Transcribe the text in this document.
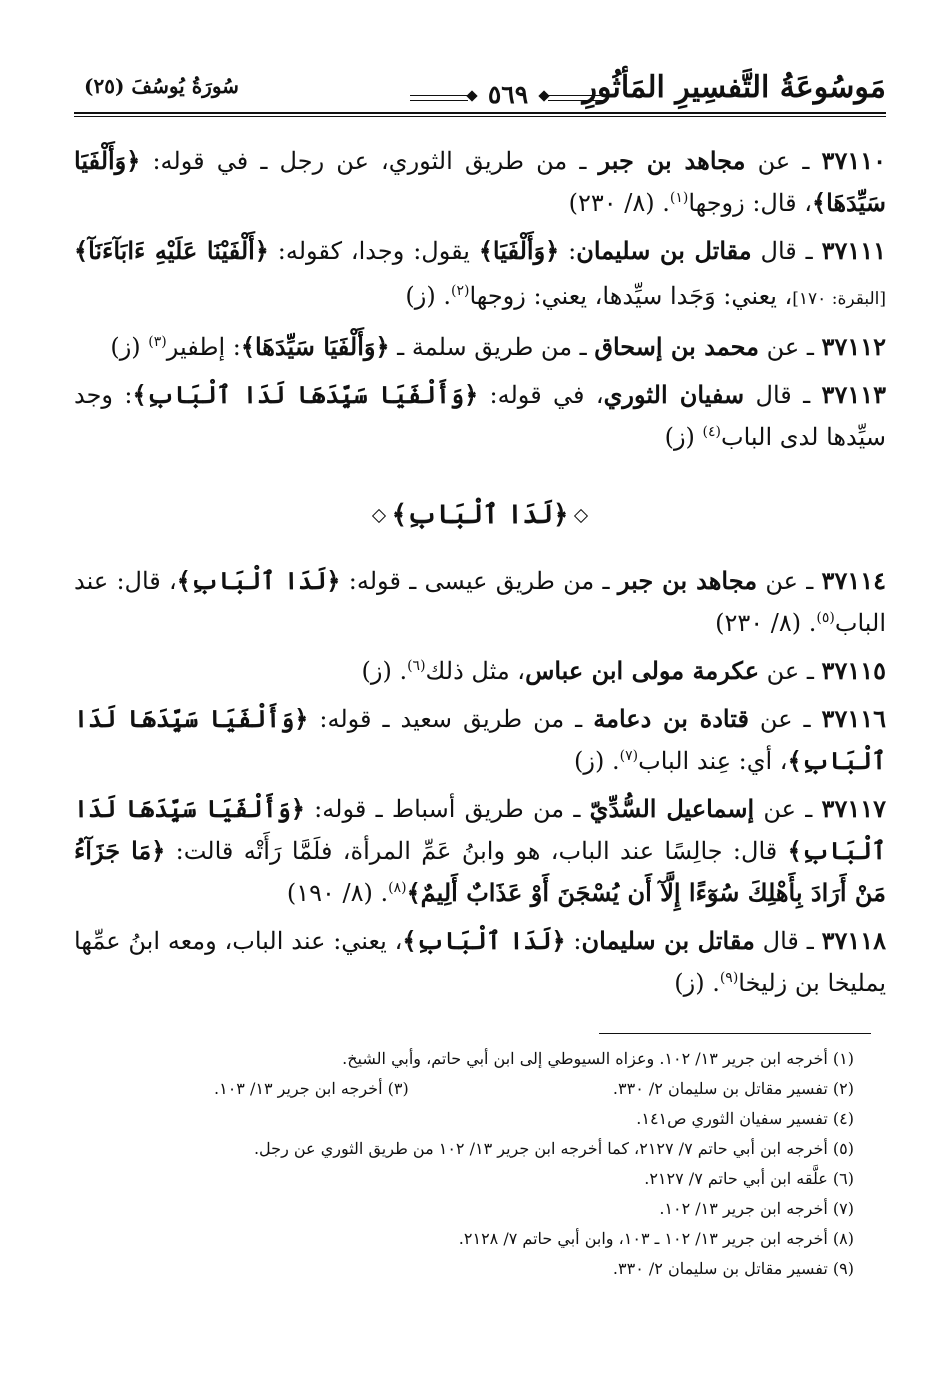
مَوسُوعَةُ التَّفسِيرِ المَأثُورِ
٥٦٩
سُورَةُ يُوسُفَ (٢٥)

٣٧١١٠ ـ عن مجاهد بن جبر ـ من طريق الثوري، عن رجل ـ في قوله: ﴿وَأَلْفَيَا سَيِّدَهَا﴾، قال: زوجها$^{(١)}$. (٨/ ٢٣٠)

٣٧١١١ ـ قال مقاتل بن سليمان: ﴿وَأَلْفَيَا﴾ يقول: وجدا، كقوله: ﴿أَلْفَيْنَا عَلَيْهِ ءَابَآءَنَآ﴾ [البقرة: ١٧٠]، يعني: وَجَدا سيِّدها، يعني: زوجها$^{(٢)}$. (ز)

٣٧١١٢ ـ عن محمد بن إسحاق ـ من طريق سلمة ـ ﴿وَأَلْفَيَا سَيِّدَهَا﴾: إطفير$^{(٣)}$ (ز)

٣٧١١٣ ـ قال سفيان الثوري، في قوله: ﴿وَأَلْفَيَا سَيِّدَهَا لَدَا ٱلْبَابِ﴾: وجد سيِّدها لدى الباب$^{(٤)}$ (ز)

﴿لَدَا ٱلْبَابِ﴾

٣٧١١٤ ـ عن مجاهد بن جبر ـ من طريق عيسى ـ قوله: ﴿لَدَا ٱلْبَابِ﴾، قال: عند الباب$^{(٥)}$. (٨/ ٢٣٠)

٣٧١١٥ ـ عن عكرمة مولى ابن عباس، مثل ذلك$^{(٦)}$. (ز)

٣٧١١٦ ـ عن قتادة بن دعامة ـ من طريق سعيد ـ قوله: ﴿وَأَلْفَيَا سَيِّدَهَا لَدَا ٱلْبَابِ﴾، أي: عِند الباب$^{(٧)}$. (ز)

٣٧١١٧ ـ عن إسماعيل السُّدِّيّ ـ من طريق أسباط ـ قوله: ﴿وَأَلْفَيَا سَيِّدَهَا لَدَا ٱلْبَابِ﴾ قال: جالِسًا عند الباب، هو وابنُ عَمِّ المرأة، فلَمَّا رَأَتْه قالت: ﴿مَا جَزَآءُ مَنْ أَرَادَ بِأَهْلِكَ سُوٓءًا إِلَّآ أَن يُسْجَنَ أَوْ عَذَابٌ أَلِيمٌ﴾$^{(٨)}$. (٨/ ١٩٠)

٣٧١١٨ ـ قال مقاتل بن سليمان: ﴿لَدَا ٱلْبَابِ﴾، يعني: عند الباب، ومعه ابنُ عمِّها يمليخا بن زليخا$^{(٩)}$. (ز)

(١) أخرجه ابن جرير ١٣/ ١٠٢. وعزاه السيوطي إلى ابن أبي حاتم، وأبي الشيخ.
(٢) تفسير مقاتل بن سليمان ٢/ ٣٣٠.
(٣) أخرجه ابن جرير ١٣/ ١٠٣.
(٤) تفسير سفيان الثوري ص١٤١.
(٥) أخرجه ابن أبي حاتم ٧/ ٢١٢٧، كما أخرجه ابن جرير ١٣/ ١٠٢ من طريق الثوري عن رجل.
(٦) علَّقه ابن أبي حاتم ٧/ ٢١٢٧.
(٧) أخرجه ابن جرير ١٣/ ١٠٢.
(٨) أخرجه ابن جرير ١٣/ ١٠٢ ـ ١٠٣، وابن أبي حاتم ٧/ ٢١٢٨.
(٩) تفسير مقاتل بن سليمان ٢/ ٣٣٠.
